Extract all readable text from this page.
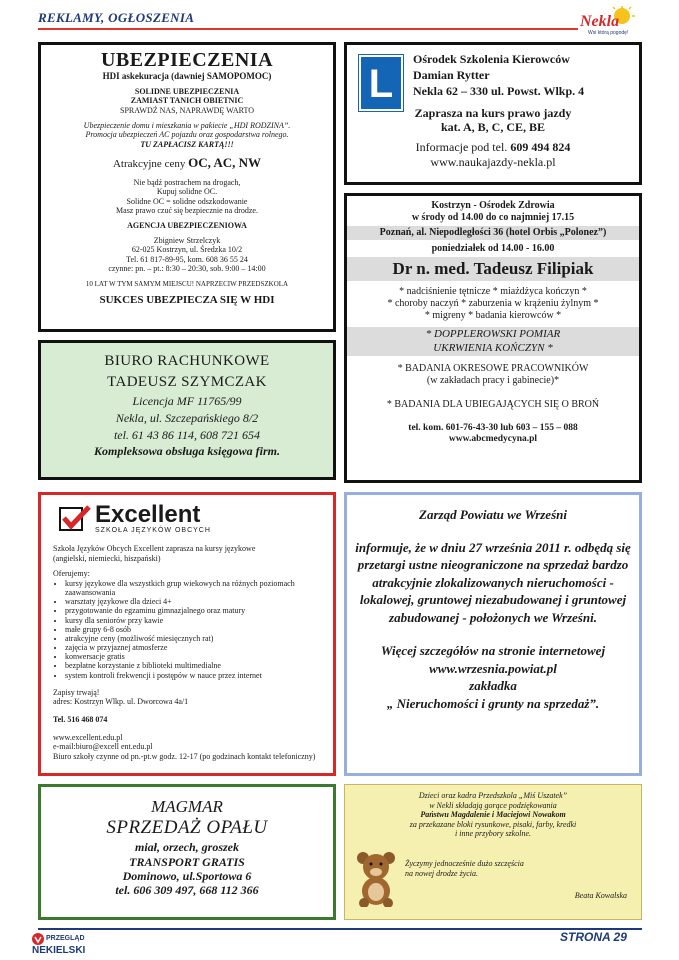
REKLAMY, OGŁOSZENIA	Nekla
Wsi którą pogodę!
UBEZPIECZENIA
HDI askekuracja (dawniej SAMOPOMOC)
SOLIDNE UBEZPIECZENIA
ZAMIAST TANICH OBIETNIC
SPRAWDŹ NAS, NAPRAWDĘ WARTO
Ubezpieczenie domu i mieszkania w pakiecie „HDI RODZINA”.
Promocja ubezpieczeń AC pojazdu oraz gospodarstwa rolnego.
TU ZAPŁACISZ KARTĄ!!!
Atrakcyjne ceny OC, AC, NW
Nie bądź postrachem na drogach,
Kupuj solidne OC.
Solidne OC = solidne odszkodowanie
Masz prawo czuć się bezpiecznie na drodze.
AGENCJA UBEZPIECZENIOWA
Zbigniew Strzelczyk
62-025 Kostrzyn, ul. Średzka 10/2
Tel. 61 817-89-95, kom. 608 36 55 24
czynne: pn. – pt.: 8:30 – 20:30, sob. 9:00 – 14:00
10 LAT W TYM SAMYM MIEJSCU! NAPRZECIW PRZEDSZKOLA
SUKCES UBEZPIECZA SIĘ W HDI
L
Ośrodek Szkolenia Kierowców
Damian Rytter
Nekla 62 – 330 ul. Powst. Wlkp. 4
Zapraszа na kurs prawo jazdy
kat. A, B, C, CE, BE
Informacje pod tel. 609 494 824
www.naukajazdy-nekla.pl
Kostrzyn - Ośrodek Zdrowia
w środy od 14.00 do co najmniej 17.15
Poznań, al. Niepodległości 36 (hotel Orbis „Polonez”)
poniedziałek od 14.00 - 16.00
Dr n. med. Tadeusz Filipiak
* nadciśnienie tętnicze * miażdżyca kończyn *
* choroby naczyń * zaburzenia w krążeniu żylnym *
* migreny * badania kierowców *
* DOPPLEROWSKI POMIAR
UKRWIENIA KOŃCZYN *
* BADANIA OKRESOWE PRACOWNIKÓW
(w zakładach pracy i gabinecie)*
* BADANIA DLA UBIEGAJĄCYCH SIĘ O BROŃ
tel. kom. 601-76-43-30 lub 603 – 155 – 088
www.abcmedycyna.pl
BIURO RACHUNKOWE
TADEUSZ SZYMCZAK
Licencja MF 11765/99
Nekla, ul. Szczepańskiego 8/2
tel. 61 43 86 114, 608 721 654
Kompleksowa obsługa księgowa firm.
Excellent
SZKOŁA JĘZYKÓW OBCYCH
Szkoła Języków Obcych Excellent zaprasza na kursy językowe
(angielski, niemiecki, hiszpański)
Oferujemy:
• kursy językowe dla wszystkich grup wiekowych na różnych poziomach zaawansowania
• warsztaty językowe dla dzieci 4+
• przygotowanie do egzaminu gimnazjalnego oraz matury
• kursy dla seniorów przy kawie
• małe grupy 6-8 osób
• atrakcyjne ceny (możliwość miesięcznych rat)
• zajęcia w przyjaznej atmosferze
• konwersacje gratis
• bezpłatne korzystanie z biblioteki multimedialne
• system kontroli frekwencji i postępów w nauce przez internet
Zapisy trwają!
adres: Kostrzyn Wlkp. ul. Dworcowa 4a/1
Tel. 516 468 074
www.excellent.edu.pl
e-mail:biuro@excell ent.edu.pl
Biuro szkoły czynne od pn.-pt.w godz. 12-17 (po godzinach kontakt telefoniczny)
Zarząd Powiatu we Wrześni
informuje, że w dniu 27 września 2011 r. odbędą się przetargi ustne nieograniczone na sprzedaż bardzo atrakcyjnie zlokalizowanych nieruchomości - lokalowej, gruntowej niezabudowanej i gruntowej zabudowanej - położonych we Wrześni.
Więcej szczegółów na stronie internetowej
www.wrzesnia.powiat.pl
zakładka
„ Nieruchomości i grunty na sprzedaż”.
MAGMAR
SPRZEDAŻ OPAŁU
miał, orzech, groszek
TRANSPORT GRATIS
Dominowo, ul.Sportowa 6
tel. 606 309 497, 668 112 366
Dzieci oraz kadra Przedszkola „Miś Uszatek”
w Nekli składają gorące podziękowania
Państwu Magdalenie i Maciejowi Nowakom
za przekazane bloki rysunkowe, pisaki, farby, kredki
i inne przybory szkolne.
Życzymy jednocześnie dużo szczęścia
na nowej drodze życia.
Beata Kowalska
PRZEGLĄD
NEKIELSKI
STRONA 29
